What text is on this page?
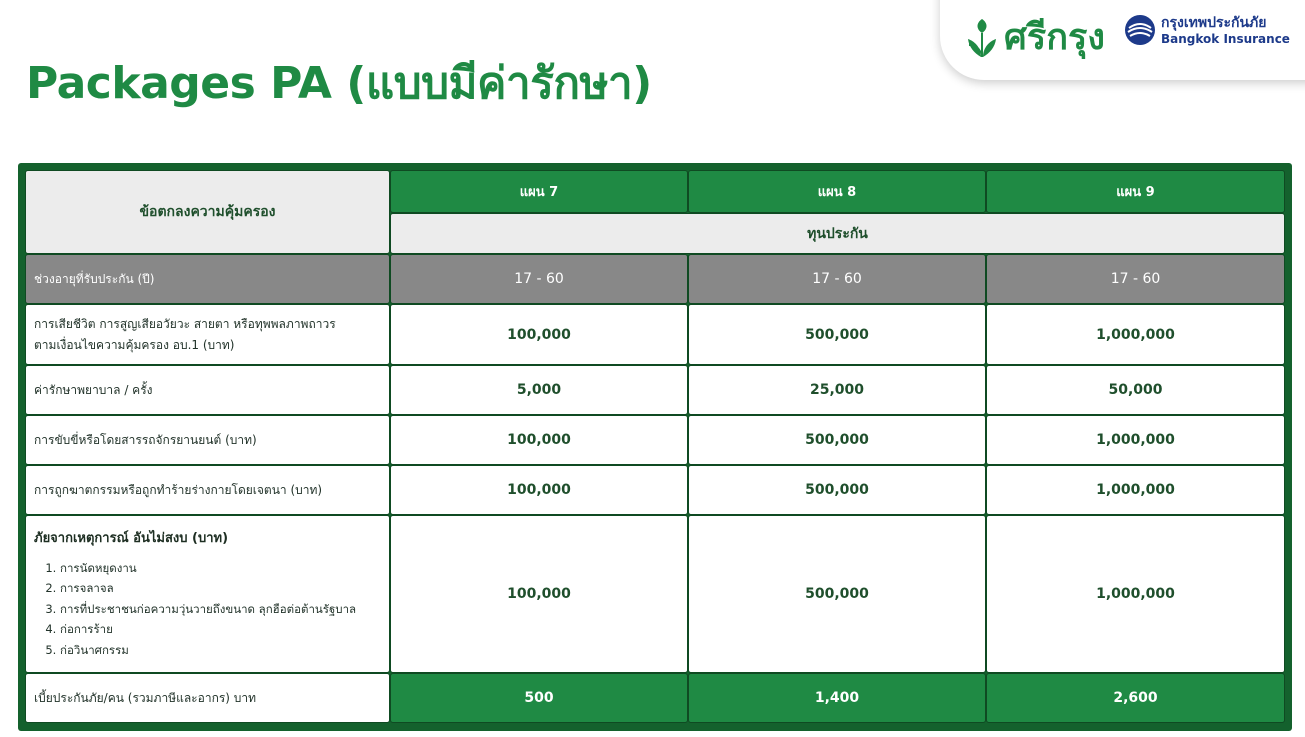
ศรีกรุง	กรุงเทพประกันภัย
Bangkok Insurance
Packages PA (แบบมีค่ารักษา)
ข้อตกลงความคุ้มครอง
แผน 7	แผน 8	แผน 9
ทุนประกัน
ช่วงอายุที่รับประกัน (ปี)	17 - 60	17 - 60	17 - 60
การเสียชีวิต การสูญเสียอวัยวะ สายตา หรือทุพพลภาพถาวร
ตามเงื่อนไขความคุ้มครอง อบ.1 (บาท)
100,000	500,000	1,000,000
ค่ารักษาพยาบาล / ครั้ง	5,000	25,000	50,000
การขับขี่หรือโดยสารรถจักรยานยนต์ (บาท)	100,000	500,000	1,000,000
การถูกฆาตกรรมหรือถูกทำร้ายร่างกายโดยเจตนา (บาท)	100,000	500,000	1,000,000
ภัยจากเหตุการณ์ อันไม่สงบ (บาท)
1. การนัดหยุดงาน
2. การจลาจล
3. การที่ประชาชนก่อความวุ่นวายถึงขนาด ลุกฮือต่อต้านรัฐบาล
4. ก่อการร้าย
5. ก่อวินาศกรรม
100,000	500,000	1,000,000
เบี้ยประกันภัย/คน (รวมภาษีและอากร) บาท	500	1,400	2,600
